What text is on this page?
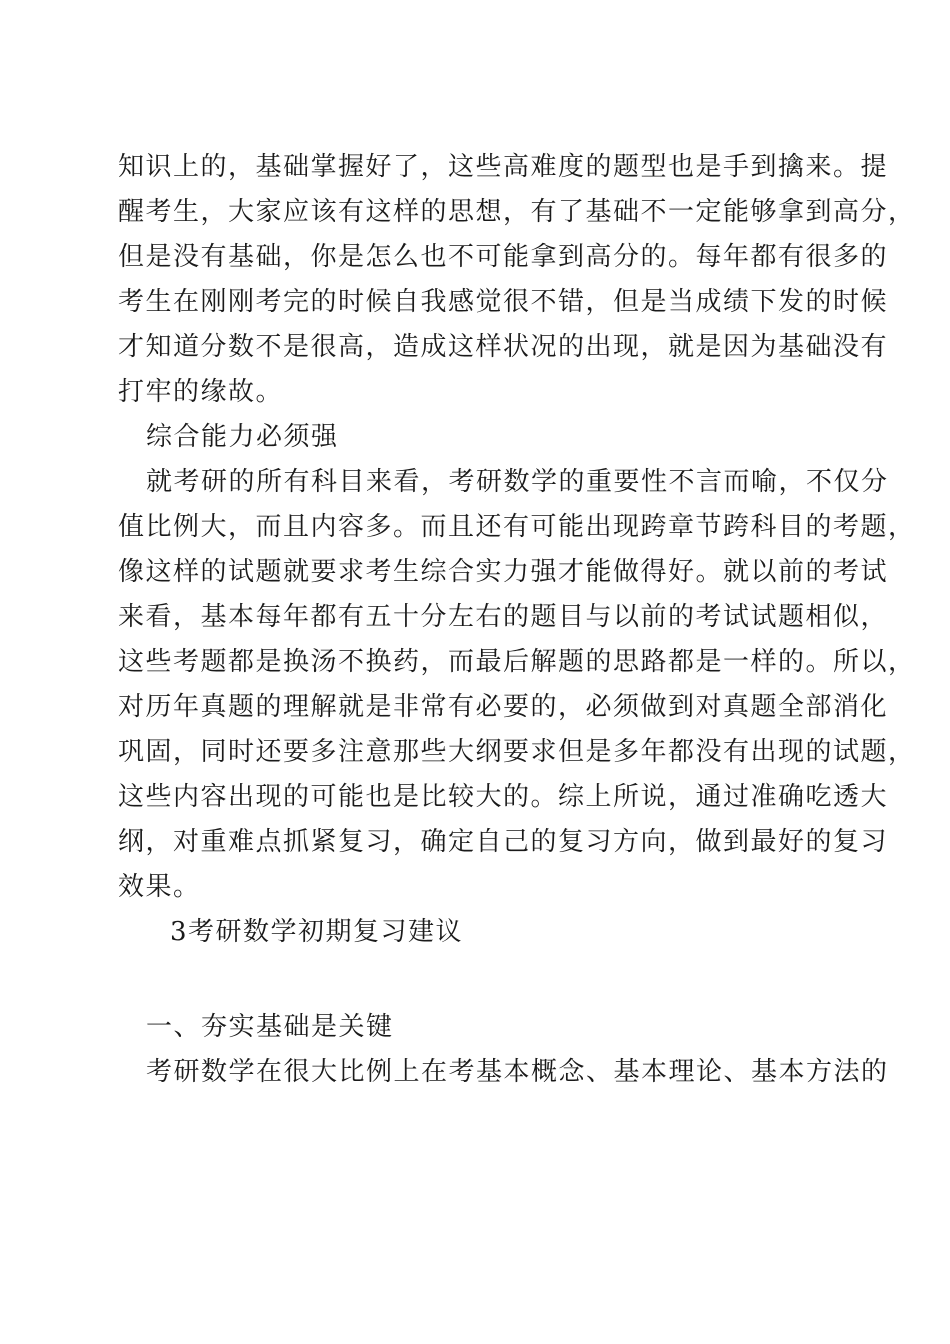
知识上的，基础掌握好了，这些高难度的题型也是手到擒来。提
醒考生，大家应该有这样的思想，有了基础不一定能够拿到高分，
但是没有基础，你是怎么也不可能拿到高分的。每年都有很多的
考生在刚刚考完的时候自我感觉很不错，但是当成绩下发的时候
才知道分数不是很高，造成这样状况的出现，就是因为基础没有
打牢的缘故。
综合能力必须强
就考研的所有科目来看，考研数学的重要性不言而喻，不仅分
值比例大，而且内容多。而且还有可能出现跨章节跨科目的考题，
像这样的试题就要求考生综合实力强才能做得好。就以前的考试
来看，基本每年都有五十分左右的题目与以前的考试试题相似，
这些考题都是换汤不换药，而最后解题的思路都是一样的。所以，
对历年真题的理解就是非常有必要的，必须做到对真题全部消化
巩固，同时还要多注意那些大纲要求但是多年都没有出现的试题，
这些内容出现的可能也是比较大的。综上所说，通过准确吃透大
纲，对重难点抓紧复习，确定自己的复习方向，做到最好的复习
效果。
3考研数学初期复习建议
一、夯实基础是关键
考研数学在很大比例上在考基本概念、基本理论、基本方法的
